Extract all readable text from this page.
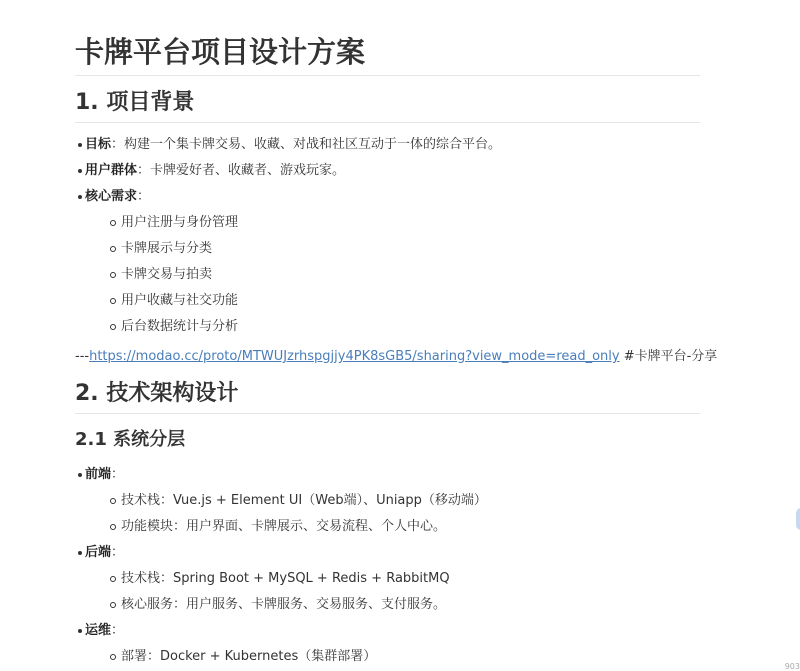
卡牌平台项目设计方案
1. 项目背景
目标：构建一个集卡牌交易、收藏、对战和社区互动于一体的综合平台。
用户群体：卡牌爱好者、收藏者、游戏玩家。
核心需求：
用户注册与身份管理
卡牌展示与分类
卡牌交易与拍卖
用户收藏与社交功能
后台数据统计与分析
---https://modao.cc/proto/MTWUJzrhspgjjy4PK8sGB5/sharing?view_mode=read_only #卡牌平台-分享
2. 技术架构设计
2.1 系统分层
前端：
技术栈：Vue.js + Element UI（Web端）、Uniapp（移动端）
功能模块：用户界面、卡牌展示、交易流程、个人中心。
后端：
技术栈：Spring Boot + MySQL + Redis + RabbitMQ
核心服务：用户服务、卡牌服务、交易服务、支付服务。
运维：
部署：Docker + Kubernetes（集群部署）
903
